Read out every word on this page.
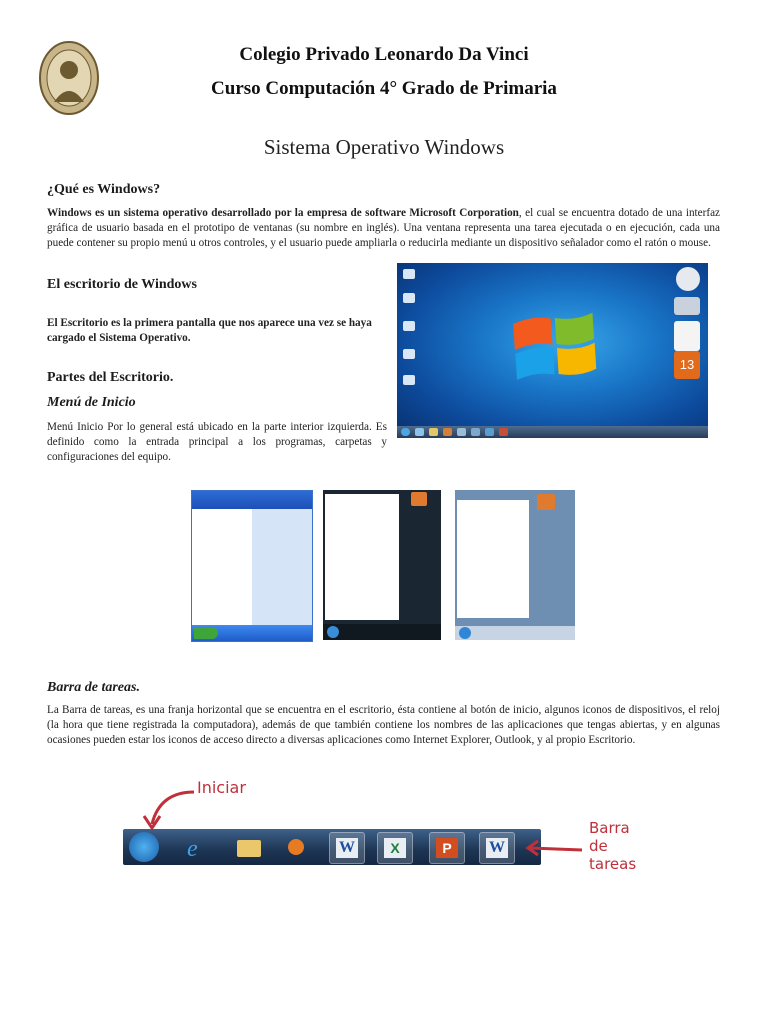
Colegio Privado Leonardo Da Vinci
Curso Computación 4° Grado de Primaria
Sistema Operativo Windows
¿Qué es Windows?
Windows es un sistema operativo desarrollado por la empresa de software Microsoft Corporation, el cual se encuentra dotado de una interfaz gráfica de usuario basada en el prototipo de ventanas (su nombre en inglés). Una ventana representa una tarea ejecutada o en ejecución, cada una puede contener su propio menú u otros controles, y el usuario puede ampliarla o reducirla mediante un dispositivo señalador como el ratón o mouse.
El escritorio de Windows
El Escritorio es la primera pantalla que nos aparece una vez se haya cargado el Sistema Operativo.
13
Partes del Escritorio.
Menú de Inicio
Menú Inicio Por lo general está ubicado en la parte interior izquierda. Es definido como la entrada principal a los programas, carpetas y configuraciones del equipo.
Barra de tareas.
La Barra de tareas, es una franja horizontal que se encuentra en el escritorio, ésta contiene al botón de inicio, algunos iconos de dispositivos, el reloj (la hora que tiene registrada la computadora), además de que también contiene los nombres de las aplicaciones que tengas abiertas, y en algunas ocasiones pueden estar los iconos de acceso directo a diversas aplicaciones como Internet Explorer, Outlook, y al propio Escritorio.
Iniciar
e	W	X	P	W
Barra
de
tareas
